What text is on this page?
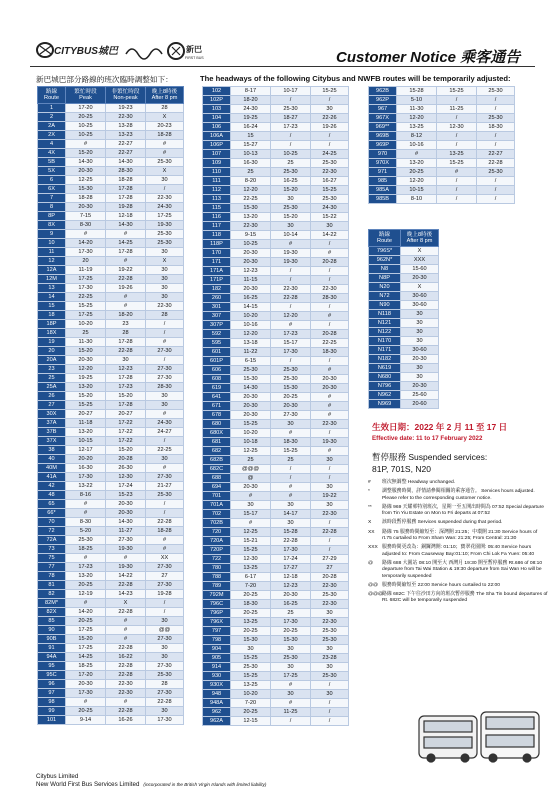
CITYBUS城巴	新巴
FIRST BUS	Customer Notice 乘客通告
新巴城巴部分路線的班次臨時調整如下：	The headways of the following Citybus and NWFB routes will be temporarily adjusted:
路線
Route	繁忙時段
Peak	非繁忙時段
Non-peak	晚上8時後
After 8 pm
1	17-20	19-23	28
2	20-25	22-30	X
2A	10-25	13-28	20-23
2X	10-25	13-23	18-28
4	#	22-27	#
4X	15-20	22-27	#
5B	14-30	14-30	25-30
5X	20-30	28-30	X
6	12-25	18-28	30
6X	15-30	17-28	/
7	18-28	17-28	22-30
8	20-30	19-28	24-30
8P	7-15	12-18	17-25
8X	8-30	14-30	19-30
9	#	#	25-30
10	14-20	14-25	25-30
11	17-30	17-28	30
12	20	#	X
12A	11-19	19-22	30
12M	17-25	22-28	30
13	17-30	19-26	30
14	22-25	#	30
15	15-25	#	22-30
18	17-25	18-20	28
18P	10-20	23	/
18X	25	28	/
19	11-30	17-28	#
20	15-20	22-28	27-30
20A	20-30	30	/
23	12-20	12-23	27-30
25	19-25	17-28	27-30
25A	13-20	17-23	28-30
26	15-20	15-20	30
27	15-25	17-28	30
30X	20-27	20-27	#
37A	11-18	17-22	24-30
37B	13-20	17-22	24-27
37X	10-15	17-22	/
38	12-17	15-20	22-25
40	20-20	20-28	30
40M	16-30	26-30	#
41A	17-30	12-30	27-30
42	13-22	17-24	21-27
48	8-16	15-23	25-30
65	#	20-30	/
66*	#	20-30	/
70	8-30	14-30	22-28
72	5-20	11-27	18-28
72A	25-30	27-30	#
73	18-25	19-30	#
75	#	#	XX
77	17-23	19-30	27-30
78	13-20	14-22	27
81	20-25	22-28	27-30
82	12-19	14-23	19-28
82M*	#	X	/
82X	14-20	22-28	/
85	20-25	#	30
90	17-25	#	@@
90B	15-20	#	27-30
91	17-25	22-28	30
94A	14-25	16-22	30
95	18-25	22-28	27-30
95C	17-20	22-28	25-30
96	20-30	22-30	28
97	17-30	22-30	27-30
98	#	#	22-28
99	20-25	22-28	30
101	9-14	16-26	17-30
102	8-17	10-17	15-25
102P	18-20	/	/
103	24-30	25-30	30
104	19-25	18-27	22-26
106	16-24	17-23	19-26
106A	15	/	/
106P	15-27	/	/
107	10-13	10-25	24-25
109	16-30	25	25-30
110	25	25-30	22-30
111	8-20	16-25	16-27
112	12-20	15-20	15-25
113	22-25	30	25-30
115	15-30	25-30	24-30
116	13-20	15-20	15-22
117	22-30	30	30
118	9-15	10-14	14-22
118P	10-25	#	/
170	20-30	19-30	#
171	20-30	19-30	20-28
171A	12-23	/	/
171P	11-15	/	/
182	20-30	22-30	22-30
260	16-25	22-28	28-30
301	14-15	/	/
307	10-20	12-20	#
307P	10-16	#	/
592	12-20	17-23	20-28
595	13-18	15-17	22-25
601	11-22	17-30	18-30
601P	6-15	/	/
606	25-30	25-30	#
608	15-30	25-30	20-30
619	14-30	15-30	20-30
641	20-30	20-25	#
671	20-30	20-30	#
678	20-30	27-30	#
680	15-25	30	22-30
680X	10-20	#	/
681	10-18	18-30	19-30
682	12-25	15-25	#
682B	25	25	30
682C	@@@	/	/
688	@	/	/
694	20-30	#	30
701	#	#	19-22
701A	30	30	30
702	15-17	14-17	22-30
702B	#	30	/
720	12-25	15-28	22-28
720A	15-21	22-28	/
720P	15-25	17-30	/
722	12-30	17-24	27-29
780	13-25	17-27	27
788	6-17	12-18	20-28
789	7-20	12-23	22-30
792M	20-25	20-30	25-30
796C	18-30	16-25	22-30
796P	20-25	25	30
796X	13-25	17-30	22-30
797	20-25	20-25	25-30
798	15-30	15-30	25-30
904	30	30	30
905	15-25	25-30	23-28
914	25-30	30	30
930	15-25	17-25	25-30
930X	13-25	#	/
948	10-20	30	30
948A	7-20	#	/
962	20-25	11-25	/
962A	12-15	/	/
962B	15-28	15-25	25-30
962P	5-10	/	/
967	11-30	11-25	/
967X	12-20	/	25-30
969**	13-25	12-30	18-30
969B	8-12	/	/
969P	10-16	/	/
970	#	13-25	22-27
970X	13-20	15-25	22-28
971	20-25	#	25-30
985	12-20	/	/
985A	10-15	/	/
985B	8-10	/	/
路線
Route	晚上8時後
After 8 pm
796S*	X
962N*	XXX
N8	15-60
N8P	20-30
N20	X
N72	30-60
N90	30-60
N118	30
N121	30
N122	30
N170	30
N171	30-60
N182	20-30
N619	30
N680	30
N796	20-30
N962	25-60
N969	20-60
生效日期：2022 年 2 月 11 至 17 日
Effective date: 11 to 17 February 2022
暫停服務 Suspended services:
81P, 701S, N20
#	班次無調整 Headway unchanged.
*	調整服務時間，詳情請參閱相關的乘客通告。 Services hours adjusted. Please refer to the corresponding customer notice.
**	路線 969 天耀邨特別班次，星期一至五開出時間為 07:52 Special departure from Tin Yiu Estate on Mon to Fri departs at 07:52
X	該時段暫停服務 Services suspended during that period.
XX	路線 75 服務時間縮短至：深灣開 21:25；中環開 21:30 Service hours of rt.75 curtailed to From Sham Wan: 21:25; From Central: 21:30
XXX 服務時間更改為：銅鑼灣開: 01:10；寶翠花園開: 05:40 Service hours adjusted to: From Causeway Bay:01:10; From Chi Lok Fa Yuen: 05:40
@	路線 688 大圍站 08:10 開至大 西灣月 19:30 開至暫停服務 Rt.686 of 08:10 departure from Tai Wai Station & 19:30 departure from Sai Wan Ho will be temporarily suspended
@@ 服務時間縮短至 22:00 Service hours curtailed to 22:00
@@@ 路線 682C 下午往沙田方向的班次暫停服務 The Sha Tin bound departures of Rt. 682C will be temporarily suspended
Citybus Limited
New World First Bus Services Limited (incorporated in the British Virgin Islands with limited liability)
